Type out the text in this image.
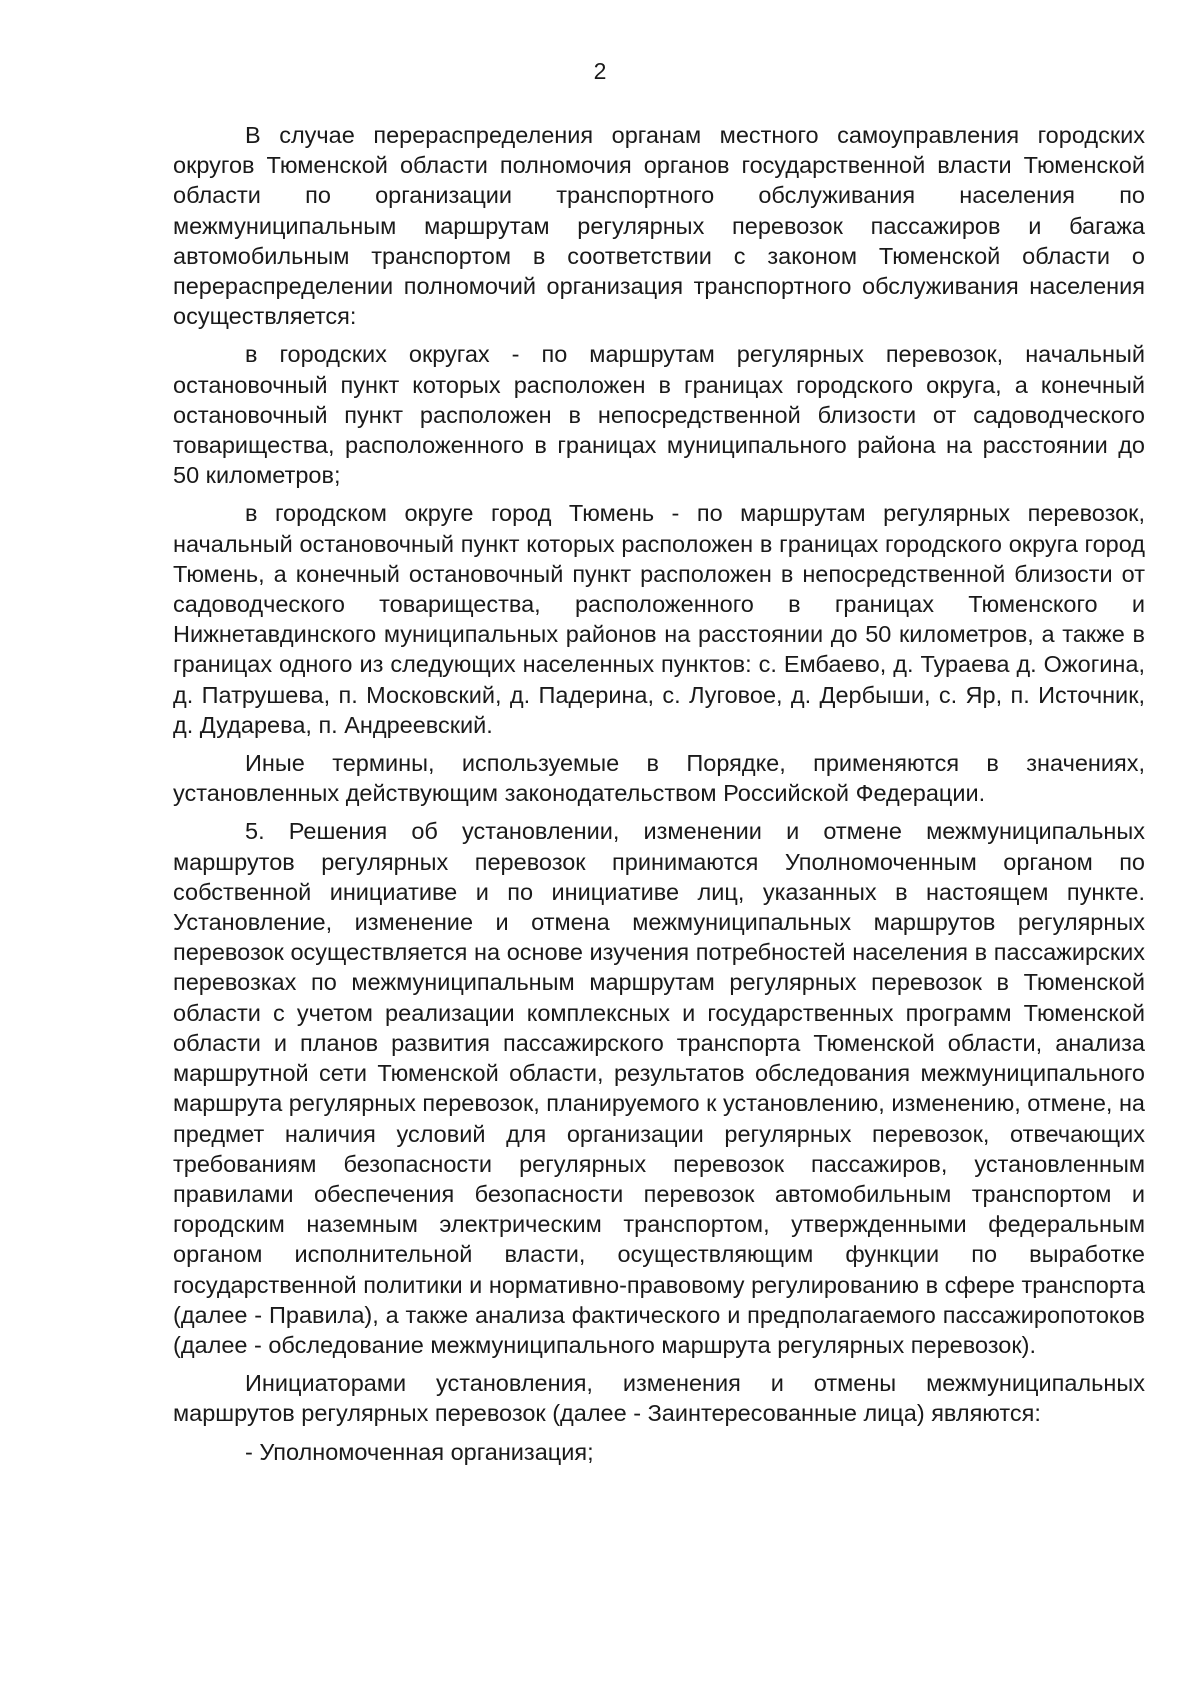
2

В случае перераспределения органам местного самоуправления городских округов Тюменской области полномочия органов государственной власти Тюменской области по организации транспортного обслуживания населения по межмуниципальным маршрутам регулярных перевозок пассажиров и багажа автомобильным транспортом в соответствии с законом Тюменской области о перераспределении полномочий организация транспортного обслуживания населения осуществляется:

в городских округах - по маршрутам регулярных перевозок, начальный остановочный пункт которых расположен в границах городского округа, а конечный остановочный пункт расположен в непосредственной близости от садоводческого товарищества, расположенного в границах муниципального района на расстоянии до 50 километров;

в городском округе город Тюмень - по маршрутам регулярных перевозок, начальный остановочный пункт которых расположен в границах городского округа город Тюмень, а конечный остановочный пункт расположен в непосредственной близости от садоводческого товарищества, расположенного в границах Тюменского и Нижнетавдинского муниципальных районов на расстоянии до 50 километров, а также в границах одного из следующих населенных пунктов: с. Ембаево, д. Тураева д. Ожогина, д. Патрушева, п. Московский, д. Падерина, с. Луговое, д. Дербыши, с. Яр, п. Источник, д. Дударева, п. Андреевский.

Иные термины, используемые в Порядке, применяются в значениях, установленных действующим законодательством Российской Федерации.

5. Решения об установлении, изменении и отмене межмуниципальных маршрутов регулярных перевозок принимаются Уполномоченным органом по собственной инициативе и по инициативе лиц, указанных в настоящем пункте. Установление, изменение и отмена межмуниципальных маршрутов регулярных перевозок осуществляется на основе изучения потребностей населения в пассажирских перевозках по межмуниципальным маршрутам регулярных перевозок в Тюменской области с учетом реализации комплексных и государственных программ Тюменской области и планов развития пассажирского транспорта Тюменской области, анализа маршрутной сети Тюменской области, результатов обследования межмуниципального маршрута регулярных перевозок, планируемого к установлению, изменению, отмене, на предмет наличия условий для организации регулярных перевозок, отвечающих требованиям безопасности регулярных перевозок пассажиров, установленным правилами обеспечения безопасности перевозок автомобильным транспортом и городским наземным электрическим транспортом, утвержденными федеральным органом исполнительной власти, осуществляющим функции по выработке государственной политики и нормативно-правовому регулированию в сфере транспорта (далее - Правила), а также анализа фактического и предполагаемого пассажиропотоков (далее - обследование межмуниципального маршрута регулярных перевозок).

Инициаторами установления, изменения и отмены межмуниципальных маршрутов регулярных перевозок (далее - Заинтересованные лица) являются:

- Уполномоченная организация;
